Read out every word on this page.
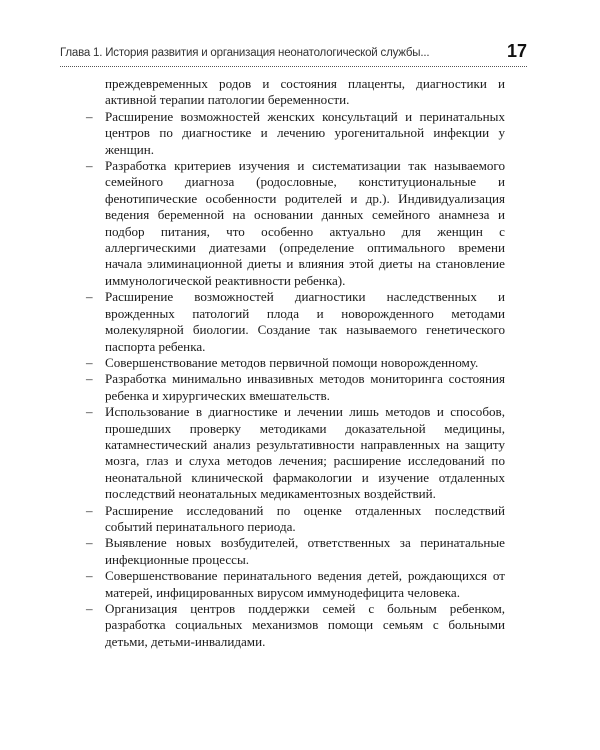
Глава 1. История развития и организация неонатологической службы...	17

преждевременных родов и состояния плаценты, диагностики и активной терапии патологии беременности.

– Расширение возможностей женских консультаций и перинатальных центров по диагностике и лечению урогенитальной инфекции у женщин.
– Разработка критериев изучения и систематизации так называемого семейного диагноза (родословные, конституциональные и фенотипические особенности родителей и др.). Индивидуализация ведения беременной на основании данных семейного анамнеза и подбор питания, что особенно актуально для женщин с аллергическими диатезами (определение оптимального времени начала элиминационной диеты и влияния этой диеты на становление иммунологической реактивности ребенка).
– Расширение возможностей диагностики наследственных и врожденных патологий плода и новорожденного методами молекулярной биологии. Создание так называемого генетического паспорта ребенка.
– Совершенствование методов первичной помощи новорожденному.
– Разработка минимально инвазивных методов мониторинга состояния ребенка и хирургических вмешательств.
– Использование в диагностике и лечении лишь методов и способов, прошедших проверку методиками доказательной медицины, катамнестический анализ результативности направленных на защиту мозга, глаз и слуха методов лечения; расширение исследований по неонатальной клинической фармакологии и изучение отдаленных последствий неонатальных медикаментозных воздействий.
– Расширение исследований по оценке отдаленных последствий событий перинатального периода.
– Выявление новых возбудителей, ответственных за перинатальные инфекционные процессы.
– Совершенствование перинатального ведения детей, рождающихся от матерей, инфицированных вирусом иммунодефицита человека.
– Организация центров поддержки семей с больным ребенком, разработка социальных механизмов помощи семьям с больными детьми, детьми-инвалидами.
